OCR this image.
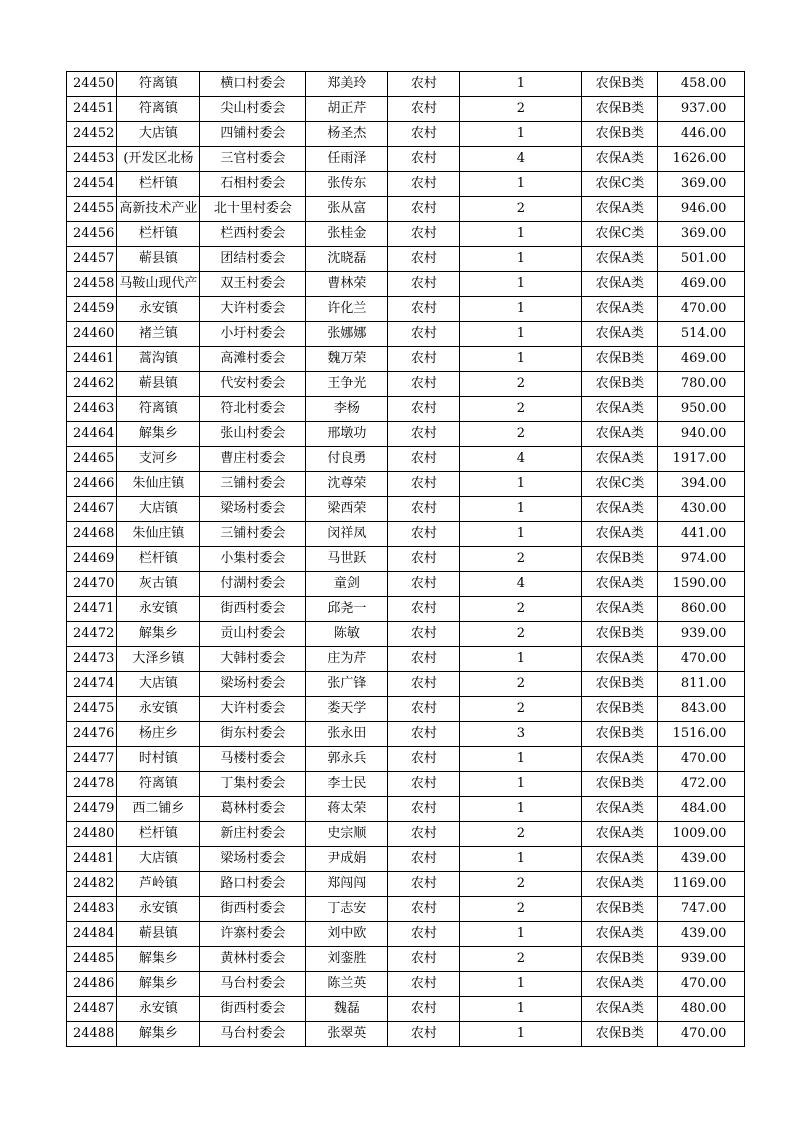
24450	符离镇	横口村委会	郑美玲	农村	1	农保B类	458.00
24451	符离镇	尖山村委会	胡正芹	农村	2	农保B类	937.00
24452	大店镇	四铺村委会	杨圣杰	农村	1	农保B类	446.00
24453	(开发区北杨	三官村委会	任雨泽	农村	4	农保A类	1626.00
24454	栏杆镇	石相村委会	张传东	农村	1	农保C类	369.00
24455	高新技术产业	北十里村委会	张从富	农村	2	农保A类	946.00
24456	栏杆镇	栏西村委会	张桂金	农村	1	农保C类	369.00
24457	蕲县镇	团结村委会	沈晓磊	农村	1	农保A类	501.00
24458	马鞍山现代产	双王村委会	曹林荣	农村	1	农保A类	469.00
24459	永安镇	大许村委会	许化兰	农村	1	农保A类	470.00
24460	褚兰镇	小圩村委会	张娜娜	农村	1	农保A类	514.00
24461	蒿沟镇	高滩村委会	魏万荣	农村	1	农保B类	469.00
24462	蕲县镇	代安村委会	王争光	农村	2	农保B类	780.00
24463	符离镇	符北村委会	李杨	农村	2	农保A类	950.00
24464	解集乡	张山村委会	邢墩功	农村	2	农保A类	940.00
24465	支河乡	曹庄村委会	付良勇	农村	4	农保A类	1917.00
24466	朱仙庄镇	三铺村委会	沈尊荣	农村	1	农保C类	394.00
24467	大店镇	梁场村委会	梁西荣	农村	1	农保A类	430.00
24468	朱仙庄镇	三铺村委会	闵祥凤	农村	1	农保A类	441.00
24469	栏杆镇	小集村委会	马世跃	农村	2	农保B类	974.00
24470	灰古镇	付湖村委会	童剑	农村	4	农保A类	1590.00
24471	永安镇	街西村委会	邱尧一	农村	2	农保A类	860.00
24472	解集乡	贡山村委会	陈敏	农村	2	农保B类	939.00
24473	大泽乡镇	大韩村委会	庄为芹	农村	1	农保A类	470.00
24474	大店镇	梁场村委会	张广锋	农村	2	农保B类	811.00
24475	永安镇	大许村委会	娄天学	农村	2	农保B类	843.00
24476	杨庄乡	街东村委会	张永田	农村	3	农保B类	1516.00
24477	时村镇	马楼村委会	郭永兵	农村	1	农保A类	470.00
24478	符离镇	丁集村委会	李士民	农村	1	农保B类	472.00
24479	西二铺乡	葛林村委会	蒋太荣	农村	1	农保A类	484.00
24480	栏杆镇	新庄村委会	史宗顺	农村	2	农保A类	1009.00
24481	大店镇	梁场村委会	尹成娟	农村	1	农保A类	439.00
24482	芦岭镇	路口村委会	郑闯闯	农村	2	农保A类	1169.00
24483	永安镇	街西村委会	丁志安	农村	2	农保B类	747.00
24484	蕲县镇	许寨村委会	刘中欧	农村	1	农保A类	439.00
24485	解集乡	黄林村委会	刘銮胜	农村	2	农保B类	939.00
24486	解集乡	马台村委会	陈兰英	农村	1	农保A类	470.00
24487	永安镇	街西村委会	魏磊	农村	1	农保A类	480.00
24488	解集乡	马台村委会	张翠英	农村	1	农保B类	470.00
